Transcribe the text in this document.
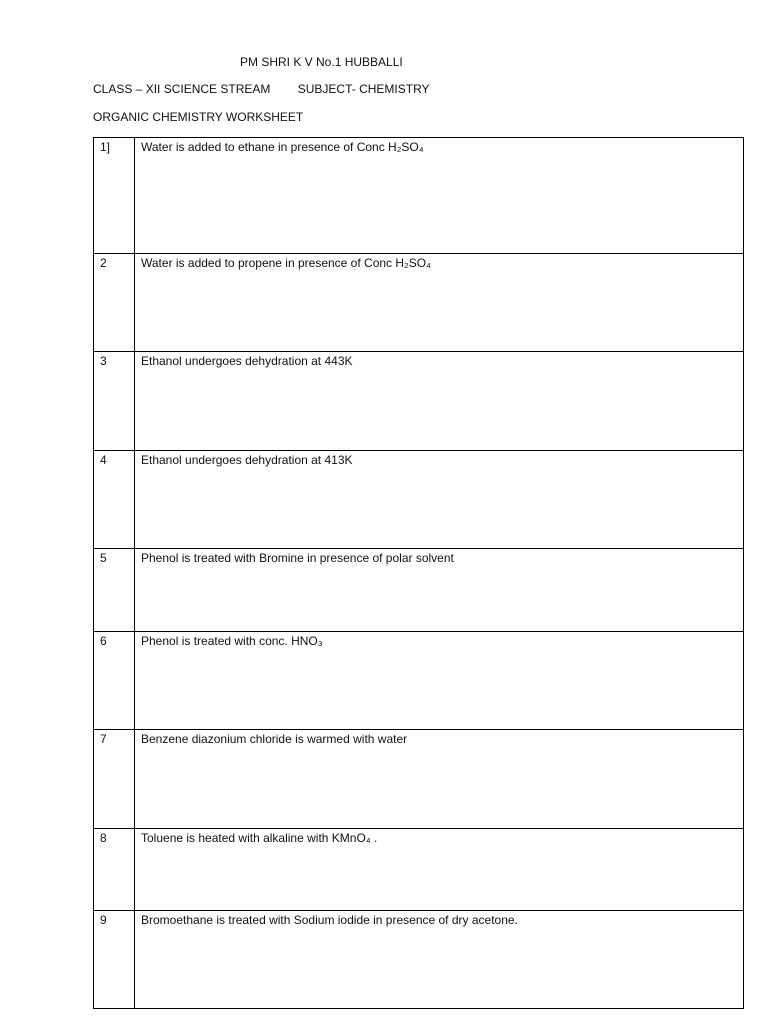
PM SHRI K V No.1 HUBBALLI
CLASS – XII SCIENCE STREAM SUBJECT- CHEMISTRY
ORGANIC CHEMISTRY WORKSHEET
1]	Water is added to ethane in presence of Conc H₂SO₄
2	Water is added to propene in presence of Conc H₂SO₄
3	Ethanol undergoes dehydration at 443K
4	Ethanol undergoes dehydration at 413K
5	Phenol is treated with Bromine in presence of polar solvent
6	Phenol is treated with conc. HNO₃
7	Benzene diazonium chloride is warmed with water
8	Toluene is heated with alkaline with KMnO₄ .
9	Bromoethane is treated with Sodium iodide in presence of dry acetone.
